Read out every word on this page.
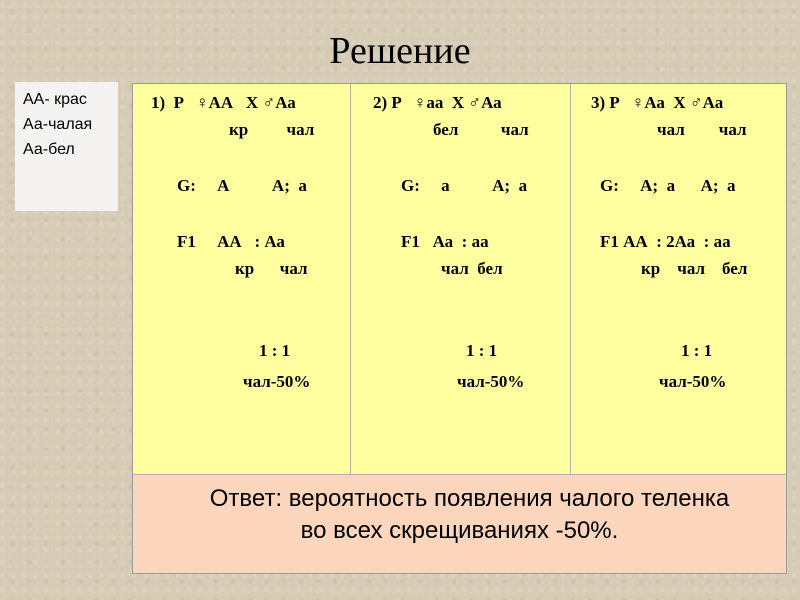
Решение
АА- крас
Аа-чалая
Аа-бел
1)  P   ♀АА   Х ♂Аа
кр         чал
G:     А          А;  а
F1     АА   : Аа
кр      чал
1 : 1
чал-50%
2) P   ♀аа  Х ♂Аа
бел          чал
G:     а          А;  а
F1   Аа  : аа
чал  бел
1 : 1
чал-50%
3) P   ♀Аа  Х ♂Аа
чал        чал
G:     А;  а      А;  а
F1 АА  : 2Аа  : аа
кр    чал    бел
1 : 1
чал-50%
Ответ: вероятность появления чалого теленка
во всех скрещиваниях -50%.
